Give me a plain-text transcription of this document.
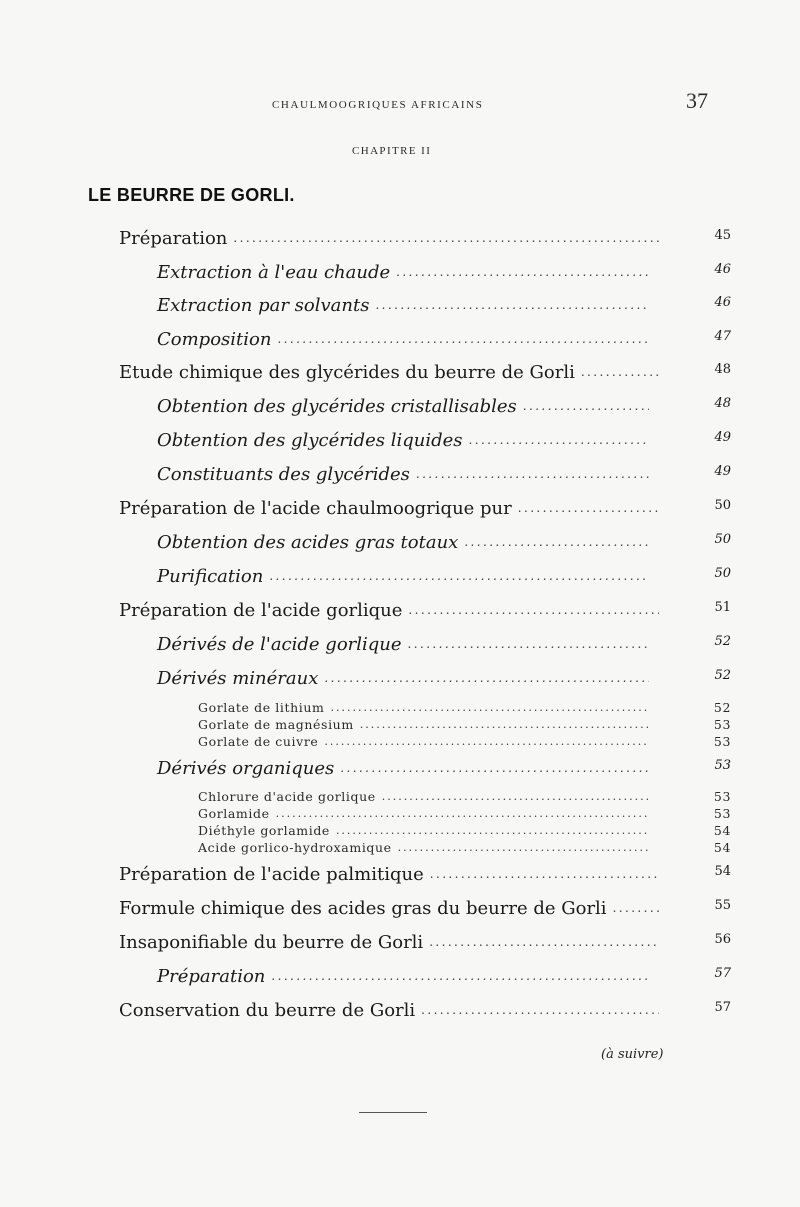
CHAULMOOGRIQUES AFRICAINS	37
CHAPITRE II
LE BEURRE DE GORLI.
Préparation .....	45
Extraction à l'eau chaude .....	46
Extraction par solvants .....	46
Composition .....	47
Etude chimique des glycérides du beurre de Gorli .....	48
Obtention des glycérides cristallisables .....	48
Obtention des glycérides liquides .....	49
Constituants des glycérides .....	49
Préparation de l'acide chaulmoogrique pur .....	50
Obtention des acides gras totaux .....	50
Purification .....	50
Préparation de l'acide gorlique .....	51
Dérivés de l'acide gorlique .....	52
Dérivés minéraux .....	52
Gorlate de lithium .....	52
Gorlate de magnésium .....	53
Gorlate de cuivre .....	53
Dérivés organiques .....	53
Chlorure d'acide gorlique .....	53
Gorlamide .....	53
Diéthyle gorlamide .....	54
Acide gorlico-hydroxamique .....	54
Préparation de l'acide palmitique .....	54
Formule chimique des acides gras du beurre de Gorli .....	55
Insaponifiable du beurre de Gorli .....	56
Préparation .....	57
Conservation du beurre de Gorli .....	57
(à suivre)
